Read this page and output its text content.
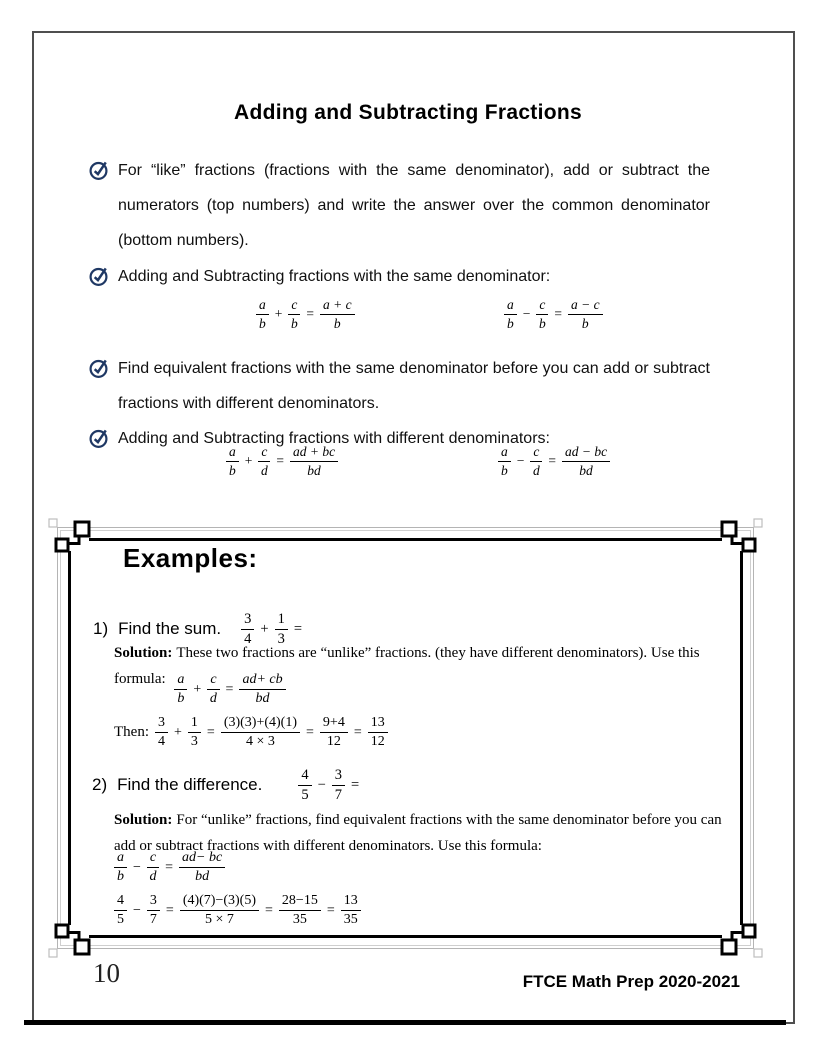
Adding and Subtracting Fractions
For “like” fractions (fractions with the same denominator), add or subtract the numerators (top numbers) and write the answer over the common denominator (bottom numbers).
Adding and Subtracting fractions with the same denominator:
$\frac{a}{b} + \frac{c}{b} = \frac{a + c}{b}$	$\frac{a}{b} - \frac{c}{b} = \frac{a - c}{b}$
Find equivalent fractions with the same denominator before you can add or subtract fractions with different denominators.
Adding and Subtracting fractions with different denominators:
$\frac{a}{b} + \frac{c}{d} = \frac{ad + bc}{bd}$	$\frac{a}{b} - \frac{c}{d} = \frac{ad - bc}{bd}$
Examples:
1) Find the sum. $\frac{3}{4} + \frac{1}{3}$ =
Solution: These two fractions are “unlike” fractions. (they have different denominators). Use this formula: $\frac{a}{b} + \frac{c}{d} = \frac{ad+ cb}{bd}$
Then: $\frac{3}{4} + \frac{1}{3} = \frac{(3)(3)+(4)(1)}{4 \times 3} = \frac{9+4}{12} = \frac{13}{12}$
2) Find the difference. $\frac{4}{5} - \frac{3}{7}$ =
Solution: For “unlike” fractions, find equivalent fractions with the same denominator before you can add or subtract fractions with different denominators. Use this formula:
$\frac{a}{b} - \frac{c}{d} = \frac{ad- bc}{bd}$
$\frac{4}{5} - \frac{3}{7} = \frac{(4)(7)-(3)(5)}{5 \times 7} = \frac{28-15}{35} = \frac{13}{35}$
10	FTCE Math Prep 2020-2021
